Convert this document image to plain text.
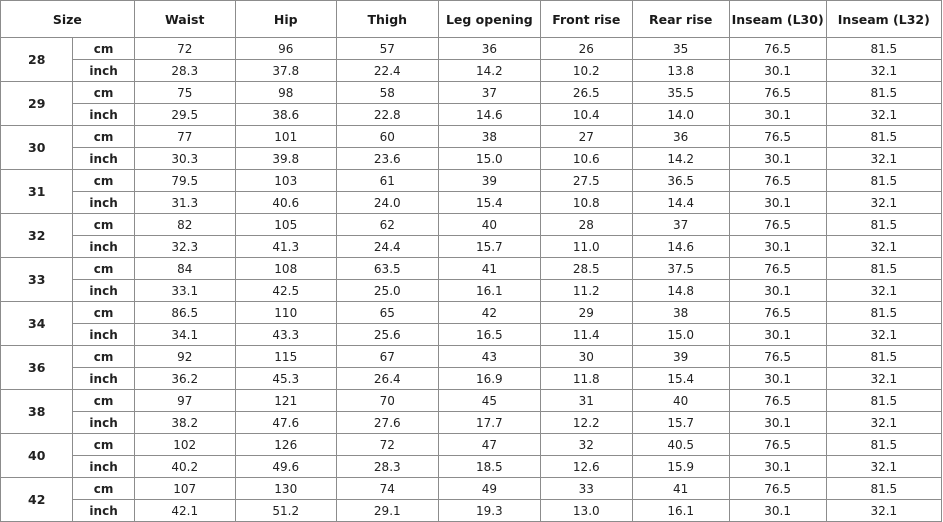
Size		Waist	Hip	Thigh	Leg opening	Front rise	Rear rise	Inseam (L30)	Inseam (L32)
28	cm	72	96	57	36	26	35	76.5	81.5
	inch	28.3	37.8	22.4	14.2	10.2	13.8	30.1	32.1
29	cm	75	98	58	37	26.5	35.5	76.5	81.5
	inch	29.5	38.6	22.8	14.6	10.4	14.0	30.1	32.1
30	cm	77	101	60	38	27	36	76.5	81.5
	inch	30.3	39.8	23.6	15.0	10.6	14.2	30.1	32.1
31	cm	79.5	103	61	39	27.5	36.5	76.5	81.5
	inch	31.3	40.6	24.0	15.4	10.8	14.4	30.1	32.1
32	cm	82	105	62	40	28	37	76.5	81.5
	inch	32.3	41.3	24.4	15.7	11.0	14.6	30.1	32.1
33	cm	84	108	63.5	41	28.5	37.5	76.5	81.5
	inch	33.1	42.5	25.0	16.1	11.2	14.8	30.1	32.1
34	cm	86.5	110	65	42	29	38	76.5	81.5
	inch	34.1	43.3	25.6	16.5	11.4	15.0	30.1	32.1
36	cm	92	115	67	43	30	39	76.5	81.5
	inch	36.2	45.3	26.4	16.9	11.8	15.4	30.1	32.1
38	cm	97	121	70	45	31	40	76.5	81.5
	inch	38.2	47.6	27.6	17.7	12.2	15.7	30.1	32.1
40	cm	102	126	72	47	32	40.5	76.5	81.5
	inch	40.2	49.6	28.3	18.5	12.6	15.9	30.1	32.1
42	cm	107	130	74	49	33	41	76.5	81.5
	inch	42.1	51.2	29.1	19.3	13.0	16.1	30.1	32.1
